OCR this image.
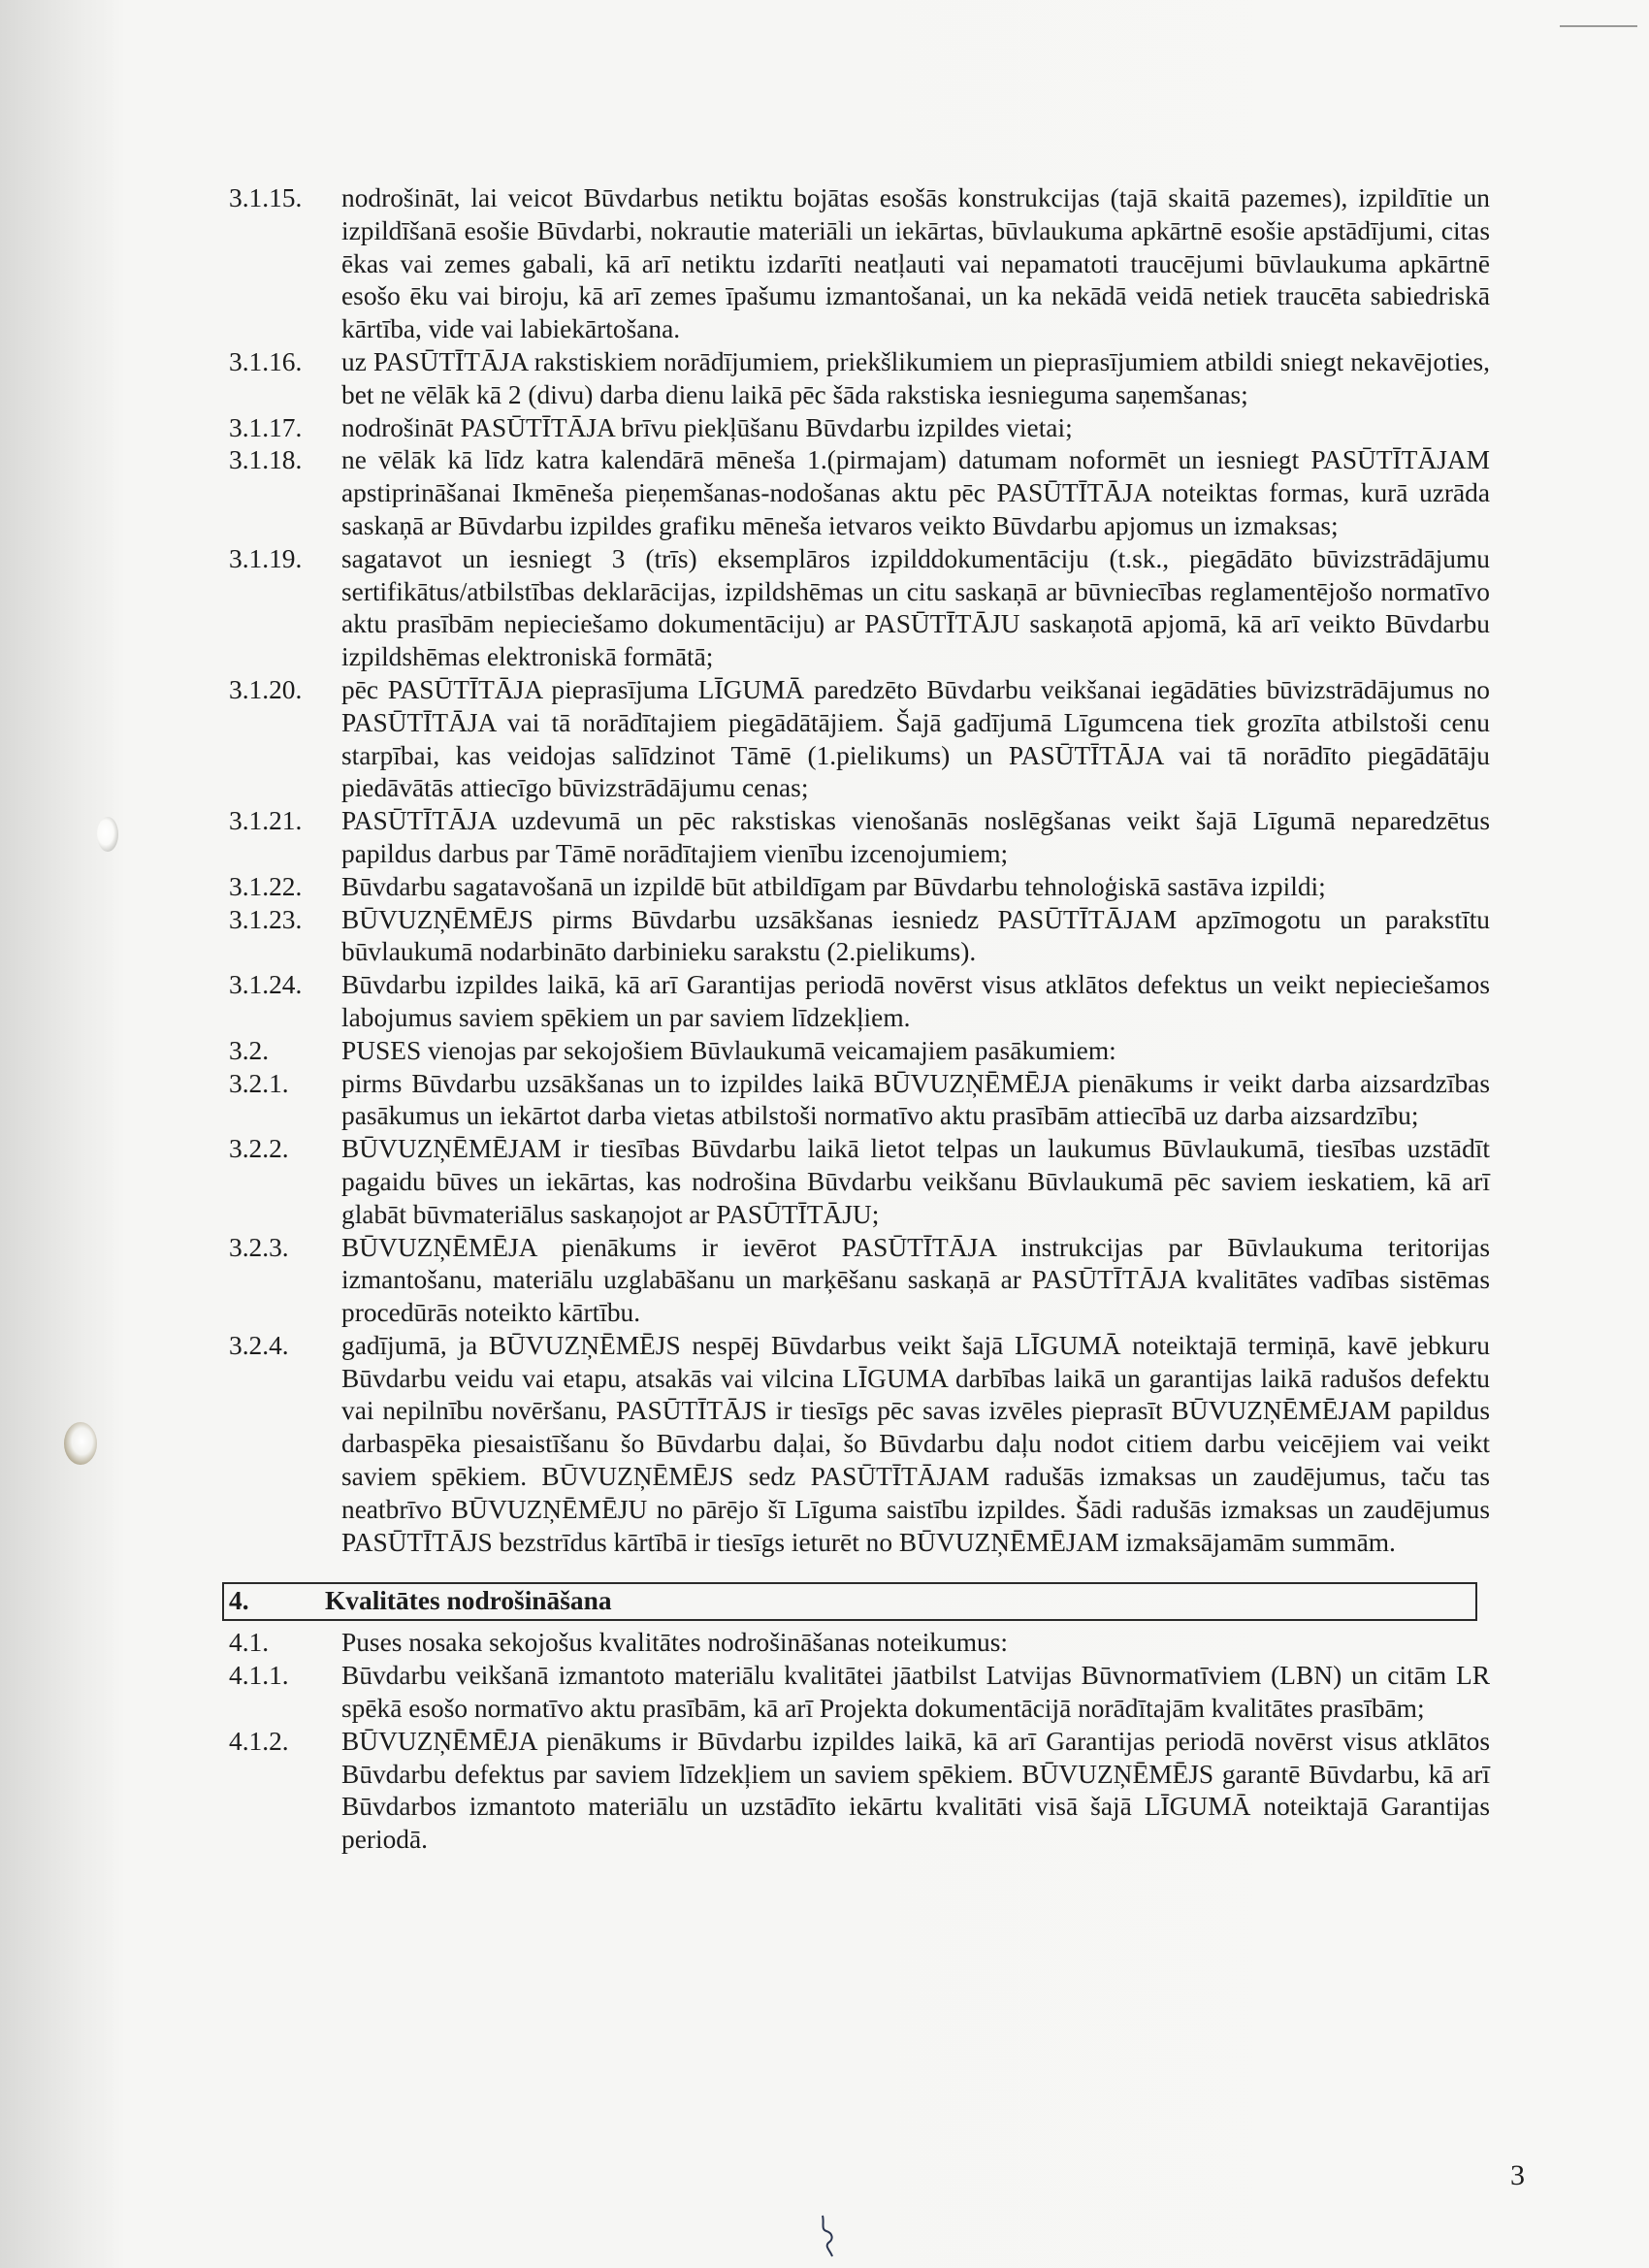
3.1.15. nodrošināt, lai veicot Būvdarbus netiktu bojātas esošās konstrukcijas (tajā skaitā pazemes), izpildītie un izpildīšanā esošie Būvdarbi, nokrautie materiāli un iekārtas, būvlaukuma apkārtnē esošie apstādījumi, citas ēkas vai zemes gabali, kā arī netiktu izdarīti neatļauti vai nepamatoti traucējumi būvlaukuma apkārtnē esošo ēku vai biroju, kā arī zemes īpašumu izmantošanai, un ka nekādā veidā netiek traucēta sabiedriskā kārtība, vide vai labiekārtošana.
3.1.16. uz PASŪTĪTĀJA rakstiskiem norādījumiem, priekšlikumiem un pieprasījumiem atbildi sniegt nekavējoties, bet ne vēlāk kā 2 (divu) darba dienu laikā pēc šāda rakstiska iesnieguma saņemšanas;
3.1.17. nodrošināt PASŪTĪTĀJA brīvu piekļūšanu Būvdarbu izpildes vietai;
3.1.18. ne vēlāk kā līdz katra kalendārā mēneša 1.(pirmajam) datumam noformēt un iesniegt PASŪTĪTĀJAM apstiprināšanai Ikmēneša pieņemšanas-nodošanas aktu pēc PASŪTĪTĀJA noteiktas formas, kurā uzrāda saskaņā ar Būvdarbu izpildes grafiku mēneša ietvaros veikto Būvdarbu apjomus un izmaksas;
3.1.19. sagatavot un iesniegt 3 (trīs) eksemplāros izpilddokumentāciju (t.sk., piegādāto būvizstrādājumu sertifikātus/atbilstības deklarācijas, izpildshēmas un citu saskaņā ar būvniecības reglamentējošo normatīvo aktu prasībām nepieciešamo dokumentāciju) ar PASŪTĪTĀJU saskaņotā apjomā, kā arī veikto Būvdarbu izpildshēmas elektroniskā formātā;
3.1.20. pēc PASŪTĪTĀJA pieprasījuma LĪGUMĀ paredzēto Būvdarbu veikšanai iegādāties būvizstrādājumus no PASŪTĪTĀJA vai tā norādītajiem piegādātājiem. Šajā gadījumā Līgumcena tiek grozīta atbilstoši cenu starpībai, kas veidojas salīdzinot Tāmē (1.pielikums) un PASŪTĪTĀJA vai tā norādīto piegādātāju piedāvātās attiecīgo būvizstrādājumu cenas;
3.1.21. PASŪTĪTĀJA uzdevumā un pēc rakstiskas vienošanās noslēgšanas veikt šajā Līgumā neparedzētus papildus darbus par Tāmē norādītajiem vienību izcenojumiem;
3.1.22. Būvdarbu sagatavošanā un izpildē būt atbildīgam par Būvdarbu tehnoloģiskā sastāva izpildi;
3.1.23. BŪVUZŅĒMĒJS pirms Būvdarbu uzsākšanas iesniedz PASŪTĪTĀJAM apzīmogotu un parakstītu būvlaukumā nodarbināto darbinieku sarakstu (2.pielikums).
3.1.24. Būvdarbu izpildes laikā, kā arī Garantijas periodā novērst visus atklātos defektus un veikt nepieciešamos labojumus saviem spēkiem un par saviem līdzekļiem.
3.2.	PUSES vienojas par sekojošiem Būvlaukumā veicamajiem pasākumiem:
3.2.1. pirms Būvdarbu uzsākšanas un to izpildes laikā BŪVUZŅĒMĒJA pienākums ir veikt darba aizsardzības pasākumus un iekārtot darba vietas atbilstoši normatīvo aktu prasībām attiecībā uz darba aizsardzību;
3.2.2. BŪVUZŅĒMĒJAM ir tiesības Būvdarbu laikā lietot telpas un laukumus Būvlaukumā, tiesības uzstādīt pagaidu būves un iekārtas, kas nodrošina Būvdarbu veikšanu Būvlaukumā pēc saviem ieskatiem, kā arī glabāt būvmateriālus saskaņojot ar PASŪTĪTĀJU;
3.2.3. BŪVUZŅĒMĒJA pienākums ir ievērot PASŪTĪTĀJA instrukcijas par Būvlaukuma teritorijas izmantošanu, materiālu uzglabāšanu un marķēšanu saskaņā ar PASŪTĪTĀJA kvalitātes vadības sistēmas procedūrās noteikto kārtību.
3.2.4. gadījumā, ja BŪVUZŅĒMĒJS nespēj Būvdarbus veikt šajā LĪGUMĀ noteiktajā termiņā, kavē jebkuru Būvdarbu veidu vai etapu, atsakās vai vilcina LĪGUMA darbības laikā un garantijas laikā radušos defektu vai nepilnību novēršanu, PASŪTĪTĀJS ir tiesīgs pēc savas izvēles pieprasīt BŪVUZŅĒMĒJAM papildus darbaspēka piesaistīšanu šo Būvdarbu daļai, šo Būvdarbu daļu nodot citiem darbu veicējiem vai veikt saviem spēkiem. BŪVUZŅĒMĒJS sedz PASŪTĪTĀJAM radušās izmaksas un zaudējumus, taču tas neatbrīvo BŪVUZŅĒMĒJU no pārējo šī Līguma saistību izpildes. Šādi radušās izmaksas un zaudējumus PASŪTĪTĀJS bezstrīdus kārtībā ir tiesīgs ieturēt no BŪVUZŅĒMĒJAM izmaksājamām summām.
4.	Kvalitātes nodrošināšana
4.1.	Puses nosaka sekojošus kvalitātes nodrošināšanas noteikumus:
4.1.1. Būvdarbu veikšanā izmantoto materiālu kvalitātei jāatbilst Latvijas Būvnormatīviem (LBN) un citām LR spēkā esošo normatīvo aktu prasībām, kā arī Projekta dokumentācijā norādītajām kvalitātes prasībām;
4.1.2. BŪVUZŅĒMĒJA pienākums ir Būvdarbu izpildes laikā, kā arī Garantijas periodā novērst visus atklātos Būvdarbu defektus par saviem līdzekļiem un saviem spēkiem. BŪVUZŅĒMĒJS garantē Būvdarbu, kā arī Būvdarbos izmantoto materiālu un uzstādīto iekārtu kvalitāti visā šajā LĪGUMĀ noteiktajā Garantijas periodā.
3
